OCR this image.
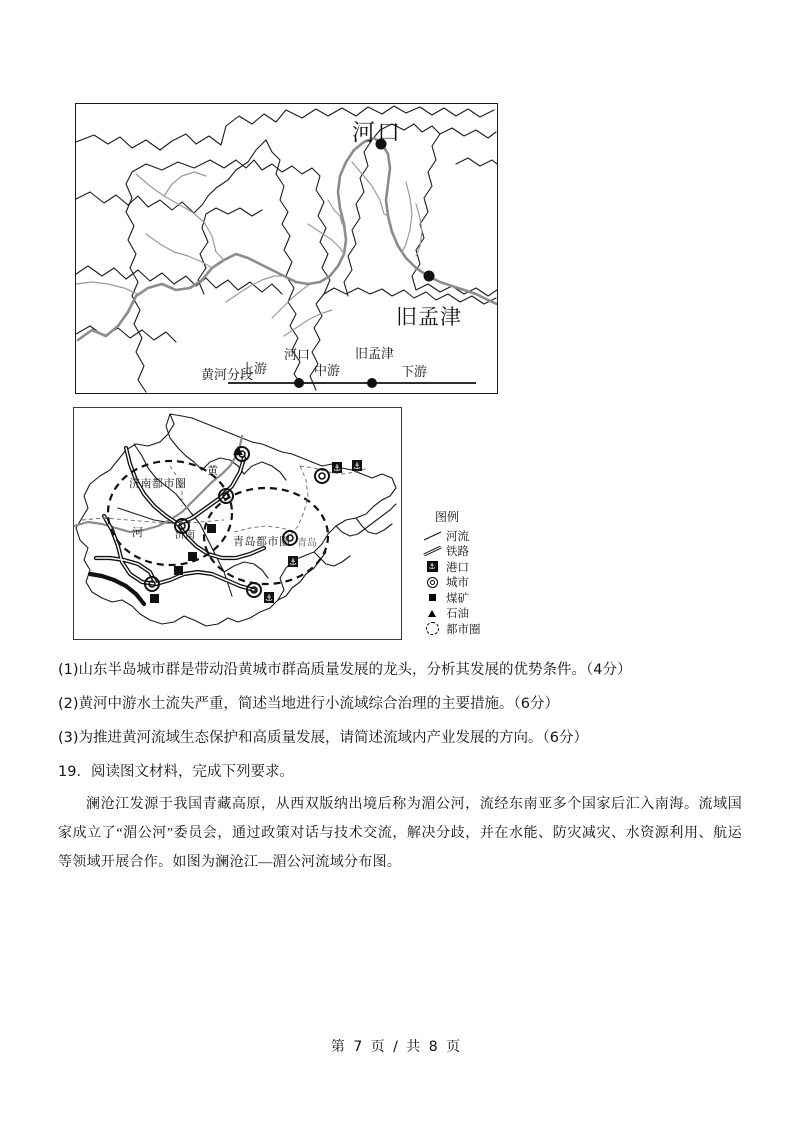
河口
旧孟津
黄河分段
河口	旧孟津
上游	中游	下游
⚓ ⚓
⚓
⚓
济南都市圈
青岛都市圈
济南
青岛
黄
河
图例
河流
铁路
⚓ 港口
城市
煤矿
石油
都市圈
(1)山东半岛城市群是带动沿黄城市群高质量发展的龙头，分析其发展的优势条件。（4分）
(2)黄河中游水土流失严重，简述当地进行小流域综合治理的主要措施。（6分）
(3)为推进黄河流域生态保护和高质量发展，请简述流域内产业发展的方向。（6分）
19．阅读图文材料，完成下列要求。
澜沧江发源于我国青藏高原，从西双版纳出境后称为湄公河，流经东南亚多个国家后汇入南海。流域国家成立了“湄公河”委员会，通过政策对话与技术交流，解决分歧，并在水能、防灾减灾、水资源利用、航运等领域开展合作。如图为澜沧江—湄公河流域分布图。
第 7 页 / 共 8 页
